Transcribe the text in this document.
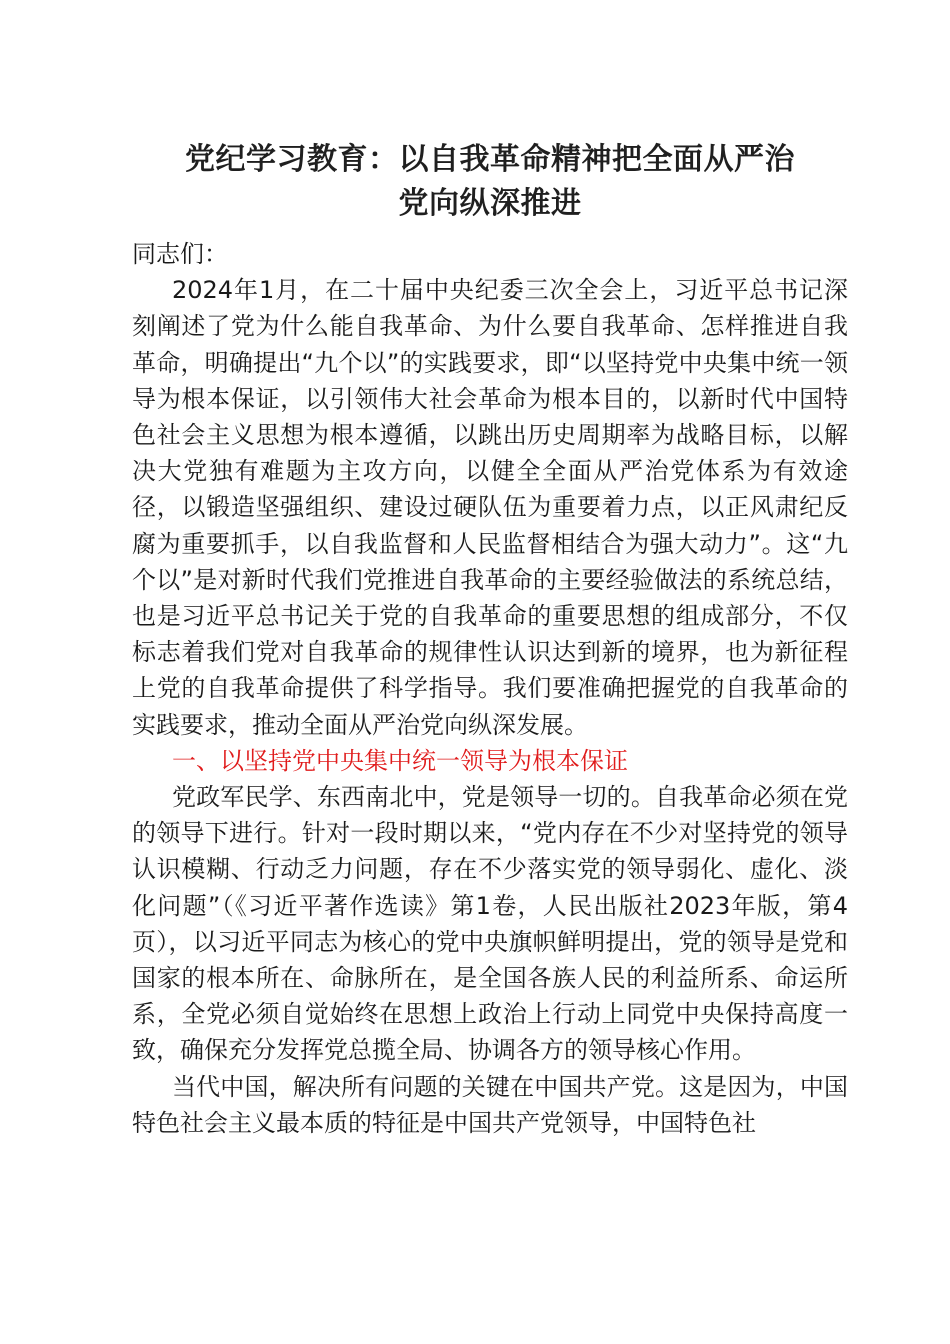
党纪学习教育：以自我革命精神把全面从严治
党向纵深推进

同志们：

2024年1月，在二十届中央纪委三次全会上，习近平总书记深刻阐述了党为什么能自我革命、为什么要自我革命、怎样推进自我革命，明确提出“九个以”的实践要求，即“以坚持党中央集中统一领导为根本保证，以引领伟大社会革命为根本目的，以新时代中国特色社会主义思想为根本遵循，以跳出历史周期率为战略目标，以解决大党独有难题为主攻方向，以健全全面从严治党体系为有效途径，以锻造坚强组织、建设过硬队伍为重要着力点，以正风肃纪反腐为重要抓手，以自我监督和人民监督相结合为强大动力”。这“九个以”是对新时代我们党推进自我革命的主要经验做法的系统总结，也是习近平总书记关于党的自我革命的重要思想的组成部分，不仅标志着我们党对自我革命的规律性认识达到新的境界，也为新征程上党的自我革命提供了科学指导。我们要准确把握党的自我革命的实践要求，推动全面从严治党向纵深发展。

一、以坚持党中央集中统一领导为根本保证

党政军民学、东西南北中，党是领导一切的。自我革命必须在党的领导下进行。针对一段时期以来，“党内存在不少对坚持党的领导认识模糊、行动乏力问题，存在不少落实党的领导弱化、虚化、淡化问题”（《习近平著作选读》第1卷，人民出版社2023年版，第4页），以习近平同志为核心的党中央旗帜鲜明提出，党的领导是党和国家的根本所在、命脉所在，是全国各族人民的利益所系、命运所系，全党必须自觉始终在思想上政治上行动上同党中央保持高度一致，确保充分发挥党总揽全局、协调各方的领导核心作用。

当代中国，解决所有问题的关键在中国共产党。这是因为，中国特色社会主义最本质的特征是中国共产党领导，中国特色社
